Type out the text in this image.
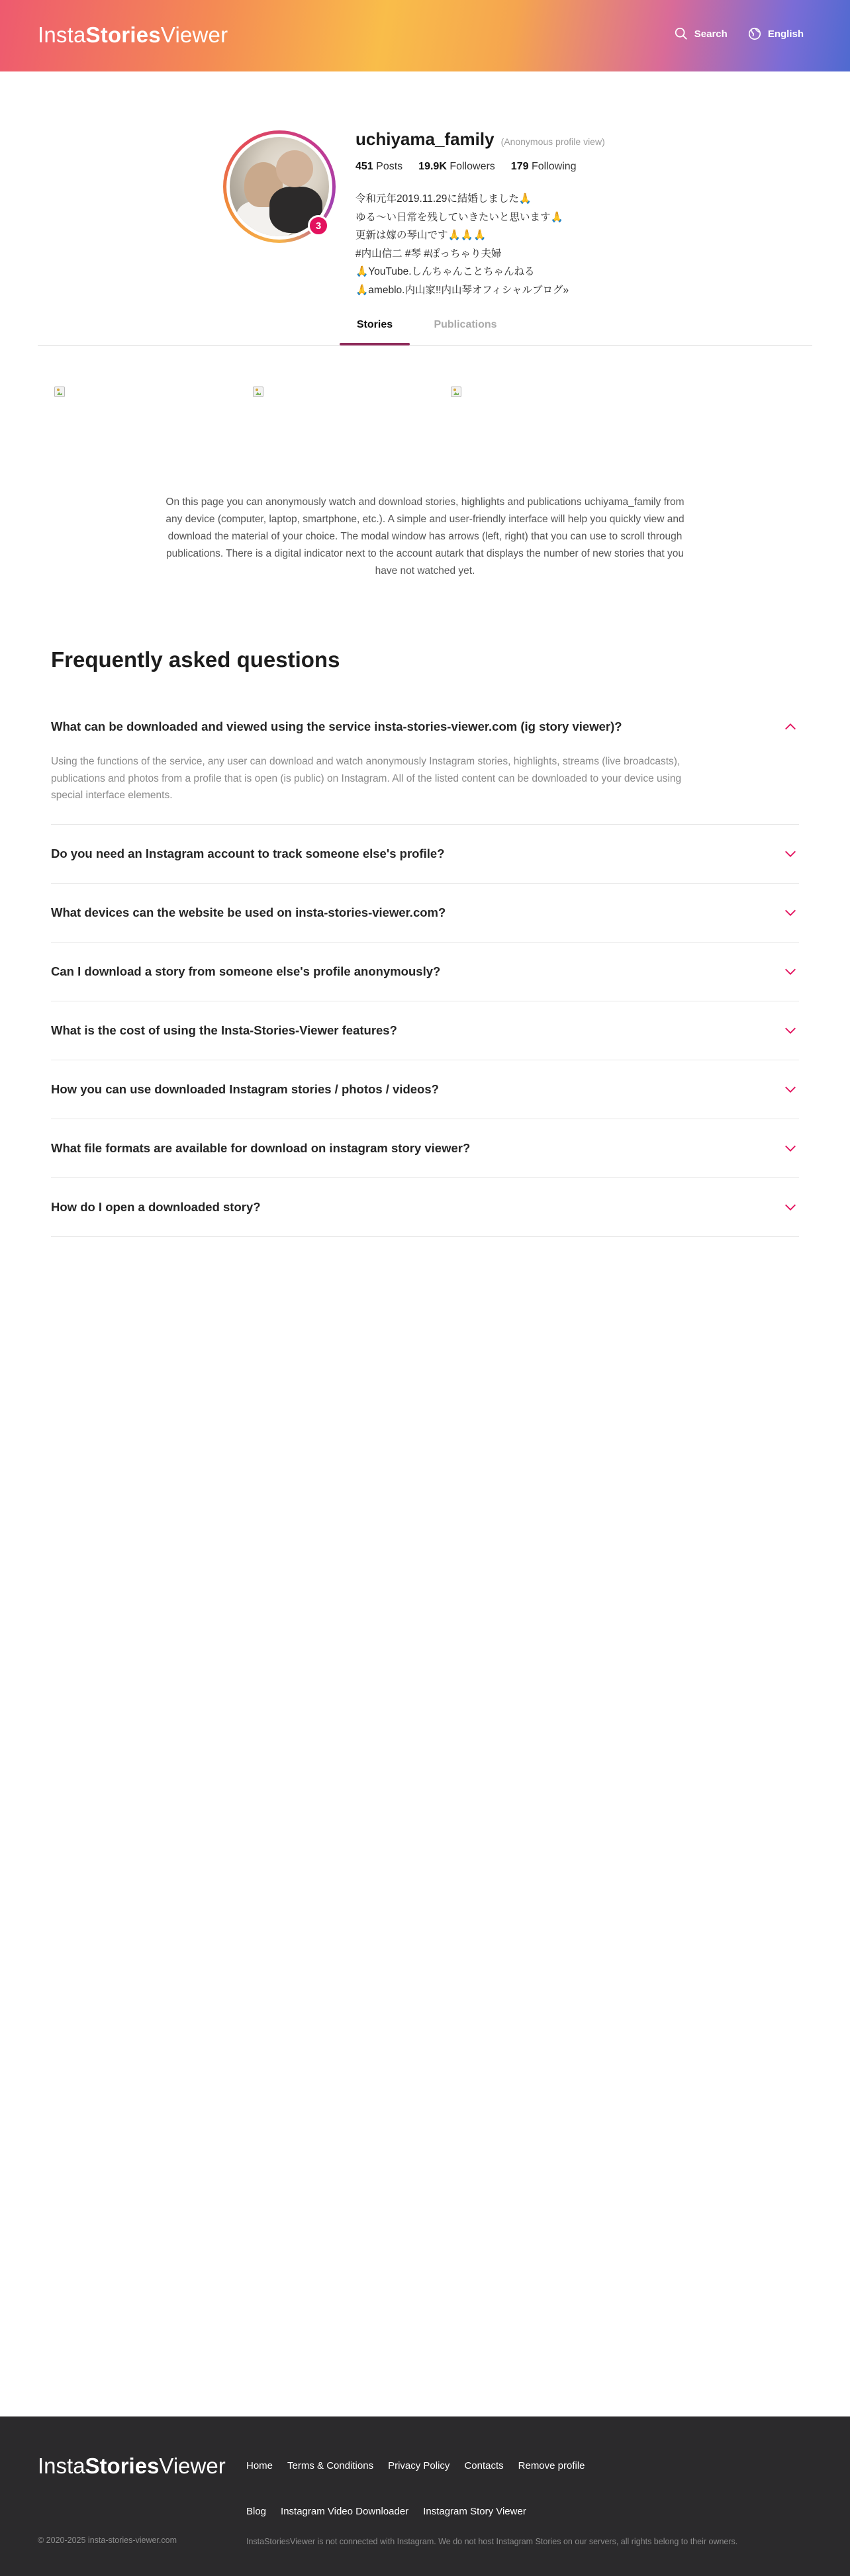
InstaStoriesViewer	Search	English
3
uchiyama_family (Anonymous profile view)
451 Posts 19.9K Followers 179 Following
令和元年2019.11.29に結婚しました🙏
ゆる〜い日常を残していきたいと思います🙏
更新は嫁の琴山です🙏🙏🙏
#内山信二 #琴 #ぽっちゃり夫婦
🙏YouTube.しんちゃんことちゃんねる
🙏ameblo.内山家!!内山琴オフィシャルブログ»
Stories	Publications

On this page you can anonymously watch and download stories, highlights and publications uchiyama_family from any device (computer, laptop, smartphone, etc.). A simple and user-friendly interface will help you quickly view and download the material of your choice. The modal window has arrows (left, right) that you can use to scroll through publications. There is a digital indicator next to the account autark that displays the number of new stories that you have not watched yet.

Frequently asked questions
What can be downloaded and viewed using the service insta-stories-viewer.com (ig story viewer)?
Using the functions of the service, any user can download and watch anonymously Instagram stories, highlights, streams (live broadcasts), publications and photos from a profile that is open (is public) on Instagram. All of the listed content can be downloaded to your device using special interface elements.
Do you need an Instagram account to track someone else's profile?
What devices can the website be used on insta-stories-viewer.com?
Can I download a story from someone else's profile anonymously?
What is the cost of using the Insta-Stories-Viewer features?
How you can use downloaded Instagram stories / photos / videos?
What file formats are available for download on instagram story viewer?
How do I open a downloaded story?
InstaStoriesViewer Home Terms & Conditions Privacy Policy Contacts Remove profile
Blog Instagram Video Downloader Instagram Story Viewer
© 2020-2025 insta-stories-viewer.com	InstaStoriesViewer is not connected with Instagram. We do not host Instagram Stories on our servers, all rights belong to their owners.
